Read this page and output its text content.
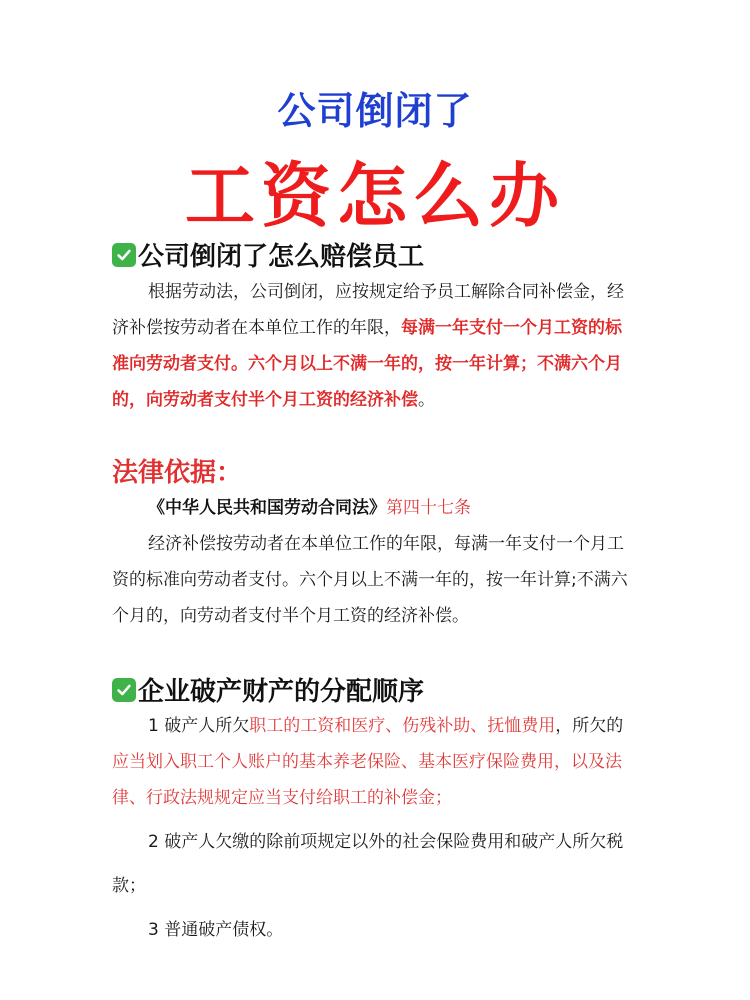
公司倒闭了
工资怎么办
公司倒闭了怎么赔偿员工
根据劳动法，公司倒闭，应按规定给予员工解除合同补偿金，经
济补偿按劳动者在本单位工作的年限，每满一年支付一个月工资的标
准向劳动者支付。六个月以上不满一年的，按一年计算；不满六个月
的，向劳动者支付半个月工资的经济补偿。
法律依据：
《中华人民共和国劳动合同法》第四十七条
经济补偿按劳动者在本单位工作的年限，每满一年支付一个月工
资的标准向劳动者支付。六个月以上不满一年的，按一年计算;不满六
个月的，向劳动者支付半个月工资的经济补偿。
企业破产财产的分配顺序
1 破产人所欠职工的工资和医疗、伤残补助、抚恤费用，所欠的
应当划入职工个人账户的基本养老保险、基本医疗保险费用，以及法
律、行政法规规定应当支付给职工的补偿金；
2 破产人欠缴的除前项规定以外的社会保险费用和破产人所欠税
款；
3 普通破产债权。
